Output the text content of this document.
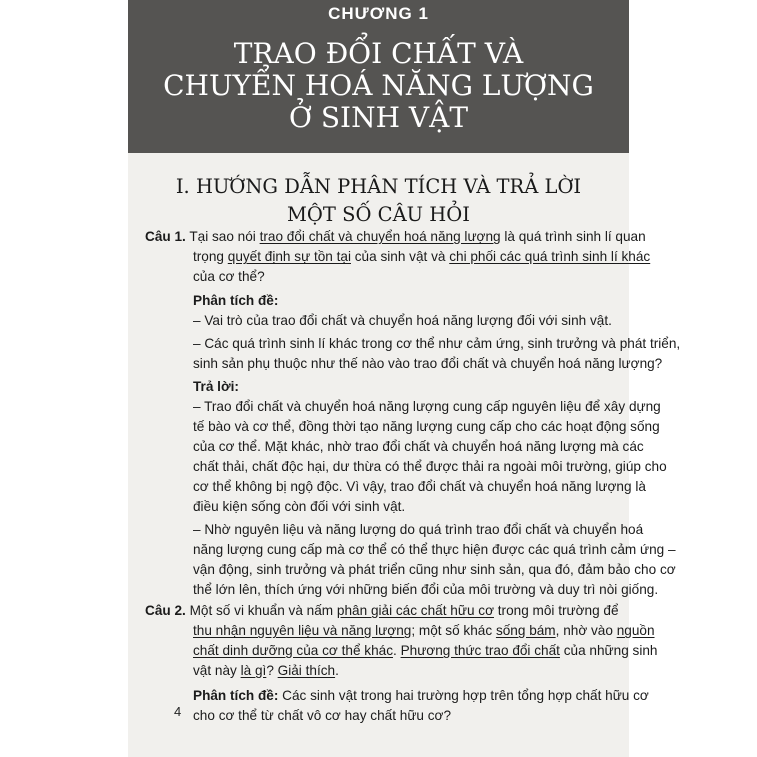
CHƯƠNG 1
TRAO ĐỔI CHẤT VÀ
CHUYỂN HOÁ NĂNG LƯỢNG
Ở SINH VẬT
I. HƯỚNG DẪN PHÂN TÍCH VÀ TRẢ LỜI
MỘT SỐ CÂU HỎI
Câu 1. Tại sao nói trao đổi chất và chuyển hoá năng lượng là quá trình sinh lí quan
trọng quyết định sự tồn tại của sinh vật và chi phối các quá trình sinh lí khác
của cơ thể?
Phân tích đề:
– Vai trò của trao đổi chất và chuyển hoá năng lượng đối với sinh vật.
– Các quá trình sinh lí khác trong cơ thể như cảm ứng, sinh trưởng và phát triển,
sinh sản phụ thuộc như thế nào vào trao đổi chất và chuyển hoá năng lượng?
Trả lời:
– Trao đổi chất và chuyển hoá năng lượng cung cấp nguyên liệu để xây dựng
tế bào và cơ thể, đồng thời tạo năng lượng cung cấp cho các hoạt động sống
của cơ thể. Mặt khác, nhờ trao đổi chất và chuyển hoá năng lượng mà các
chất thải, chất độc hại, dư thừa có thể được thải ra ngoài môi trường, giúp cho
cơ thể không bị ngộ độc. Vì vậy, trao đổi chất và chuyển hoá năng lượng là
điều kiện sống còn đối với sinh vật.
– Nhờ nguyên liệu và năng lượng do quá trình trao đổi chất và chuyển hoá
năng lượng cung cấp mà cơ thể có thể thực hiện được các quá trình cảm ứng –
vận động, sinh trưởng và phát triển cũng như sinh sản, qua đó, đảm bảo cho cơ
thể lớn lên, thích ứng với những biến đổi của môi trường và duy trì nòi giống.
Câu 2. Một số vi khuẩn và nấm phân giải các chất hữu cơ trong môi trường để
thu nhận nguyên liệu và năng lượng; một số khác sống bám, nhờ vào nguồn
chất dinh dưỡng của cơ thể khác. Phương thức trao đổi chất của những sinh
vật này là gì? Giải thích.
Phân tích đề: Các sinh vật trong hai trường hợp trên tổng hợp chất hữu cơ
cho cơ thể từ chất vô cơ hay chất hữu cơ?
4
